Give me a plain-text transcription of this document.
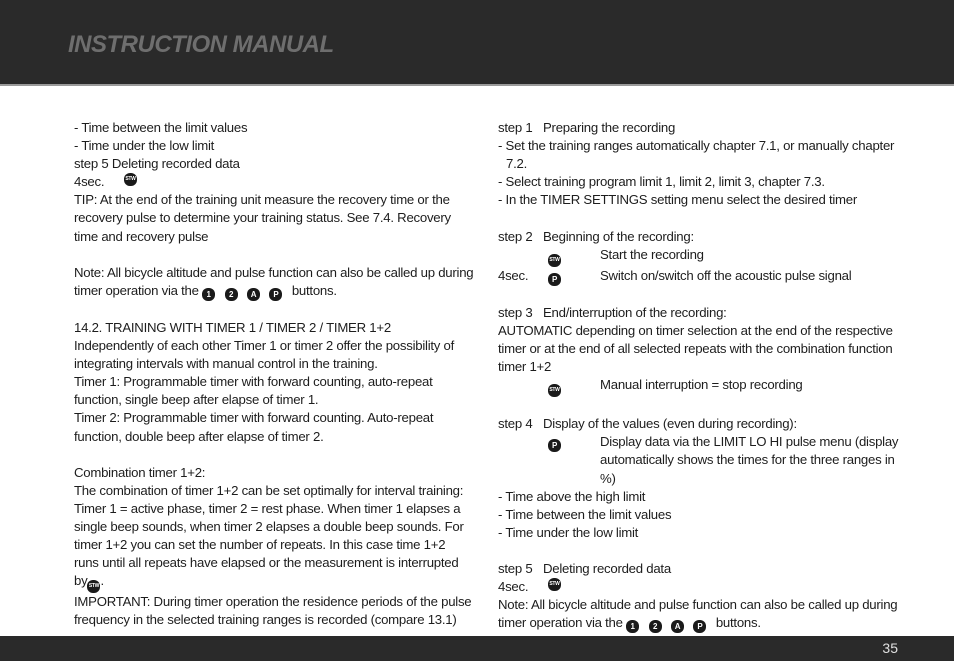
INSTRUCTION MANUAL
- Time between the limit values
- Time under the low limit
step 5 Deleting recorded data
4sec.	STW
TIP: At the end of the training unit measure the recovery time or the
recovery pulse to determine your training status. See 7.4. Recovery
time and recovery pulse
Note: All bicycle altitude and pulse function can also be called up during
timer operation via the 1 2 A P buttons.
14.2. TRAINING WITH TIMER 1 / TIMER 2 / TIMER 1+2
Independently of each other Timer 1 or timer 2 offer the possibility of
integrating intervals with manual control in the training.
Timer 1: Programmable timer with forward counting, auto-repeat
function, single beep after elapse of timer 1.
Timer 2: Programmable timer with forward counting. Auto-repeat
function, double beep after elapse of timer 2.
Combination timer 1+2:
The combination of timer 1+2 can be set optimally for interval training:
Timer 1 = active phase, timer 2 = rest phase. When timer 1 elapses a
single beep sounds, when timer 2 elapses a double beep sounds. For
timer 1+2 you can set the number of repeats. In this case time 1+2
runs until all repeats have elapsed or the measurement is interrupted
bySTW.
IMPORTANT: During timer operation the residence periods of the pulse
frequency in the selected training ranges is recorded (compare 13.1)
step 1 Preparing the recording
- Set the training ranges automatically chapter 7.1, or manually chapter
7.2.
- Select training program limit 1, limit 2, limit 3, chapter 7.3.
- In the TIMER SETTINGS setting menu select the desired timer
step 2 Beginning of the recording:
STW	Start the recording
4sec.	P	Switch on/switch off the acoustic pulse signal
step 3 End/interruption of the recording:
AUTOMATIC depending on timer selection at the end of the respective
timer or at the end of all selected repeats with the combination function
timer 1+2
STW	Manual interruption = stop recording
step 4 Display of the values (even during recording):
P	Display data via the LIMIT LO HI pulse menu (display automatically shows the times for the three ranges in %)
- Time above the high limit
- Time between the limit values
- Time under the low limit
step 5 Deleting recorded data
4sec.	STW
Note: All bicycle altitude and pulse function can also be called up during
timer operation via the 1 2 A P buttons.
35
